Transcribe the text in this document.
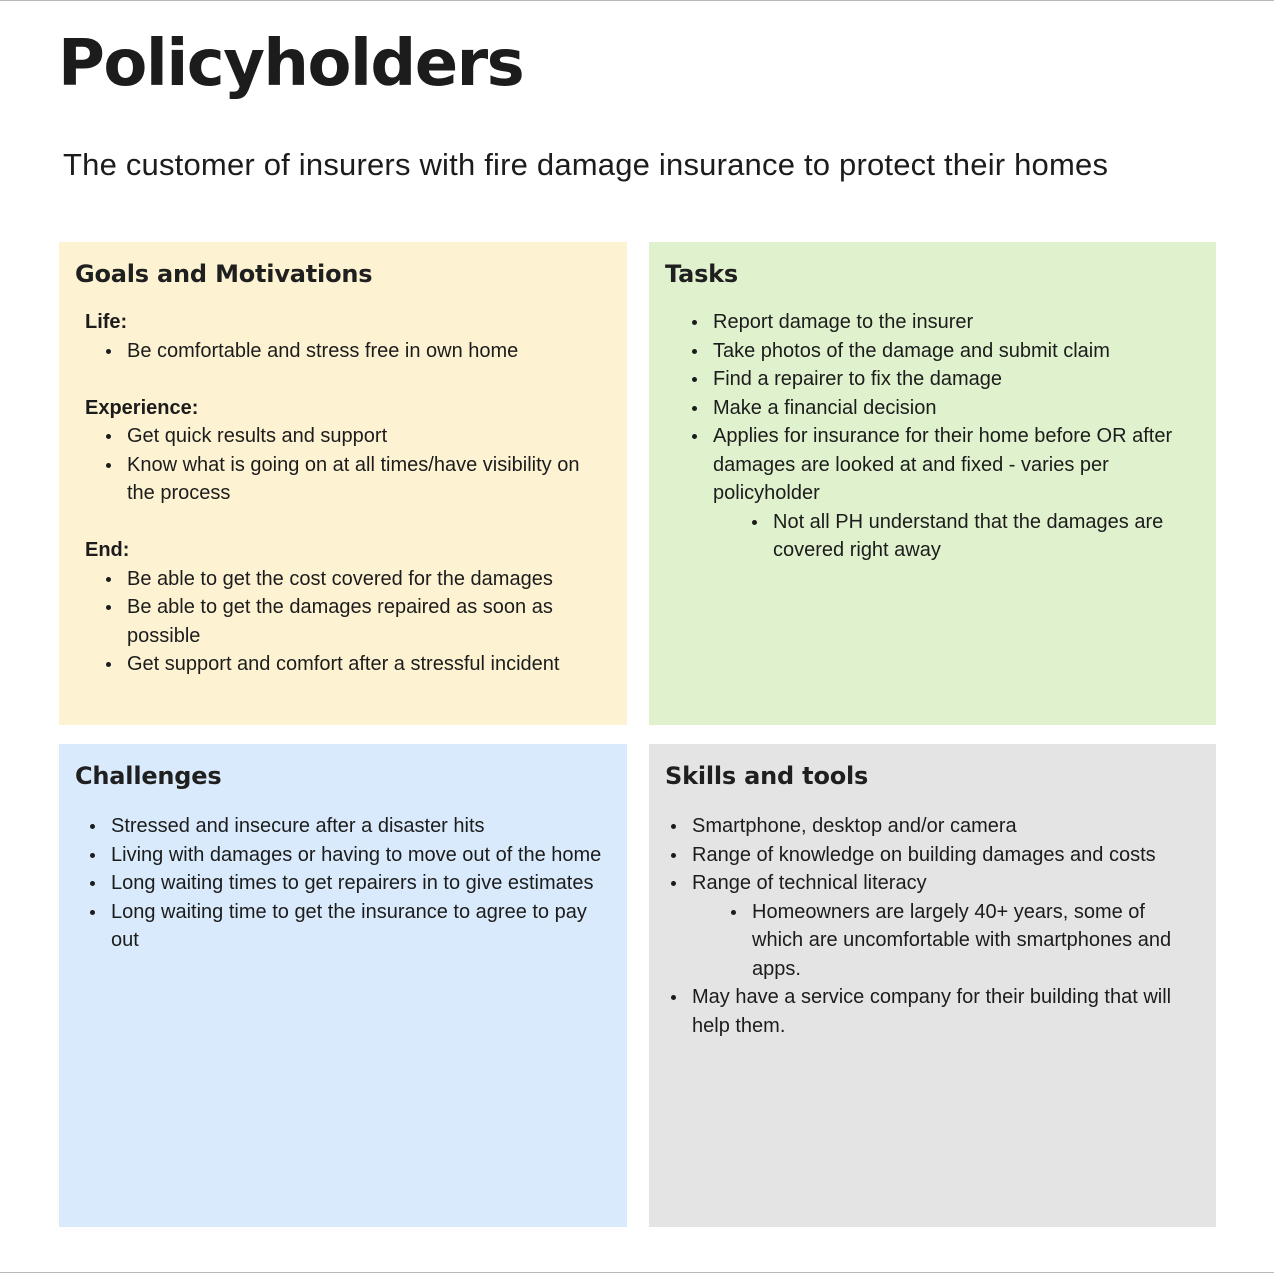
Policyholders

The customer of insurers with fire damage insurance to protect their homes

Goals and Motivations

Life:

Be comfortable and stress free in own home

Experience:

Get quick results and support
Know what is going on at all times/have visibility on the process

End:

Be able to get the cost covered for the damages
Be able to get the damages repaired as soon as possible
Get support and comfort after a stressful incident
Tasks
Report damage to the insurer
Take photos of the damage and submit claim
Find a repairer to fix the damage
Make a financial decision
Applies for insurance for their home before OR after damages are looked at and fixed - varies per policyholder
Not all PH understand that the damages are covered right away
Challenges
Stressed and insecure after a disaster hits
Living with damages or having to move out of the home
Long waiting times to get repairers in to give estimates
Long waiting time to get the insurance to agree to pay out
Skills and tools
Smartphone, desktop and/or camera
Range of knowledge on building damages and costs
Range of technical literacy
Homeowners are largely 40+ years, some of which are uncomfortable with smartphones and apps.
May have a service company for their building that will help them.
